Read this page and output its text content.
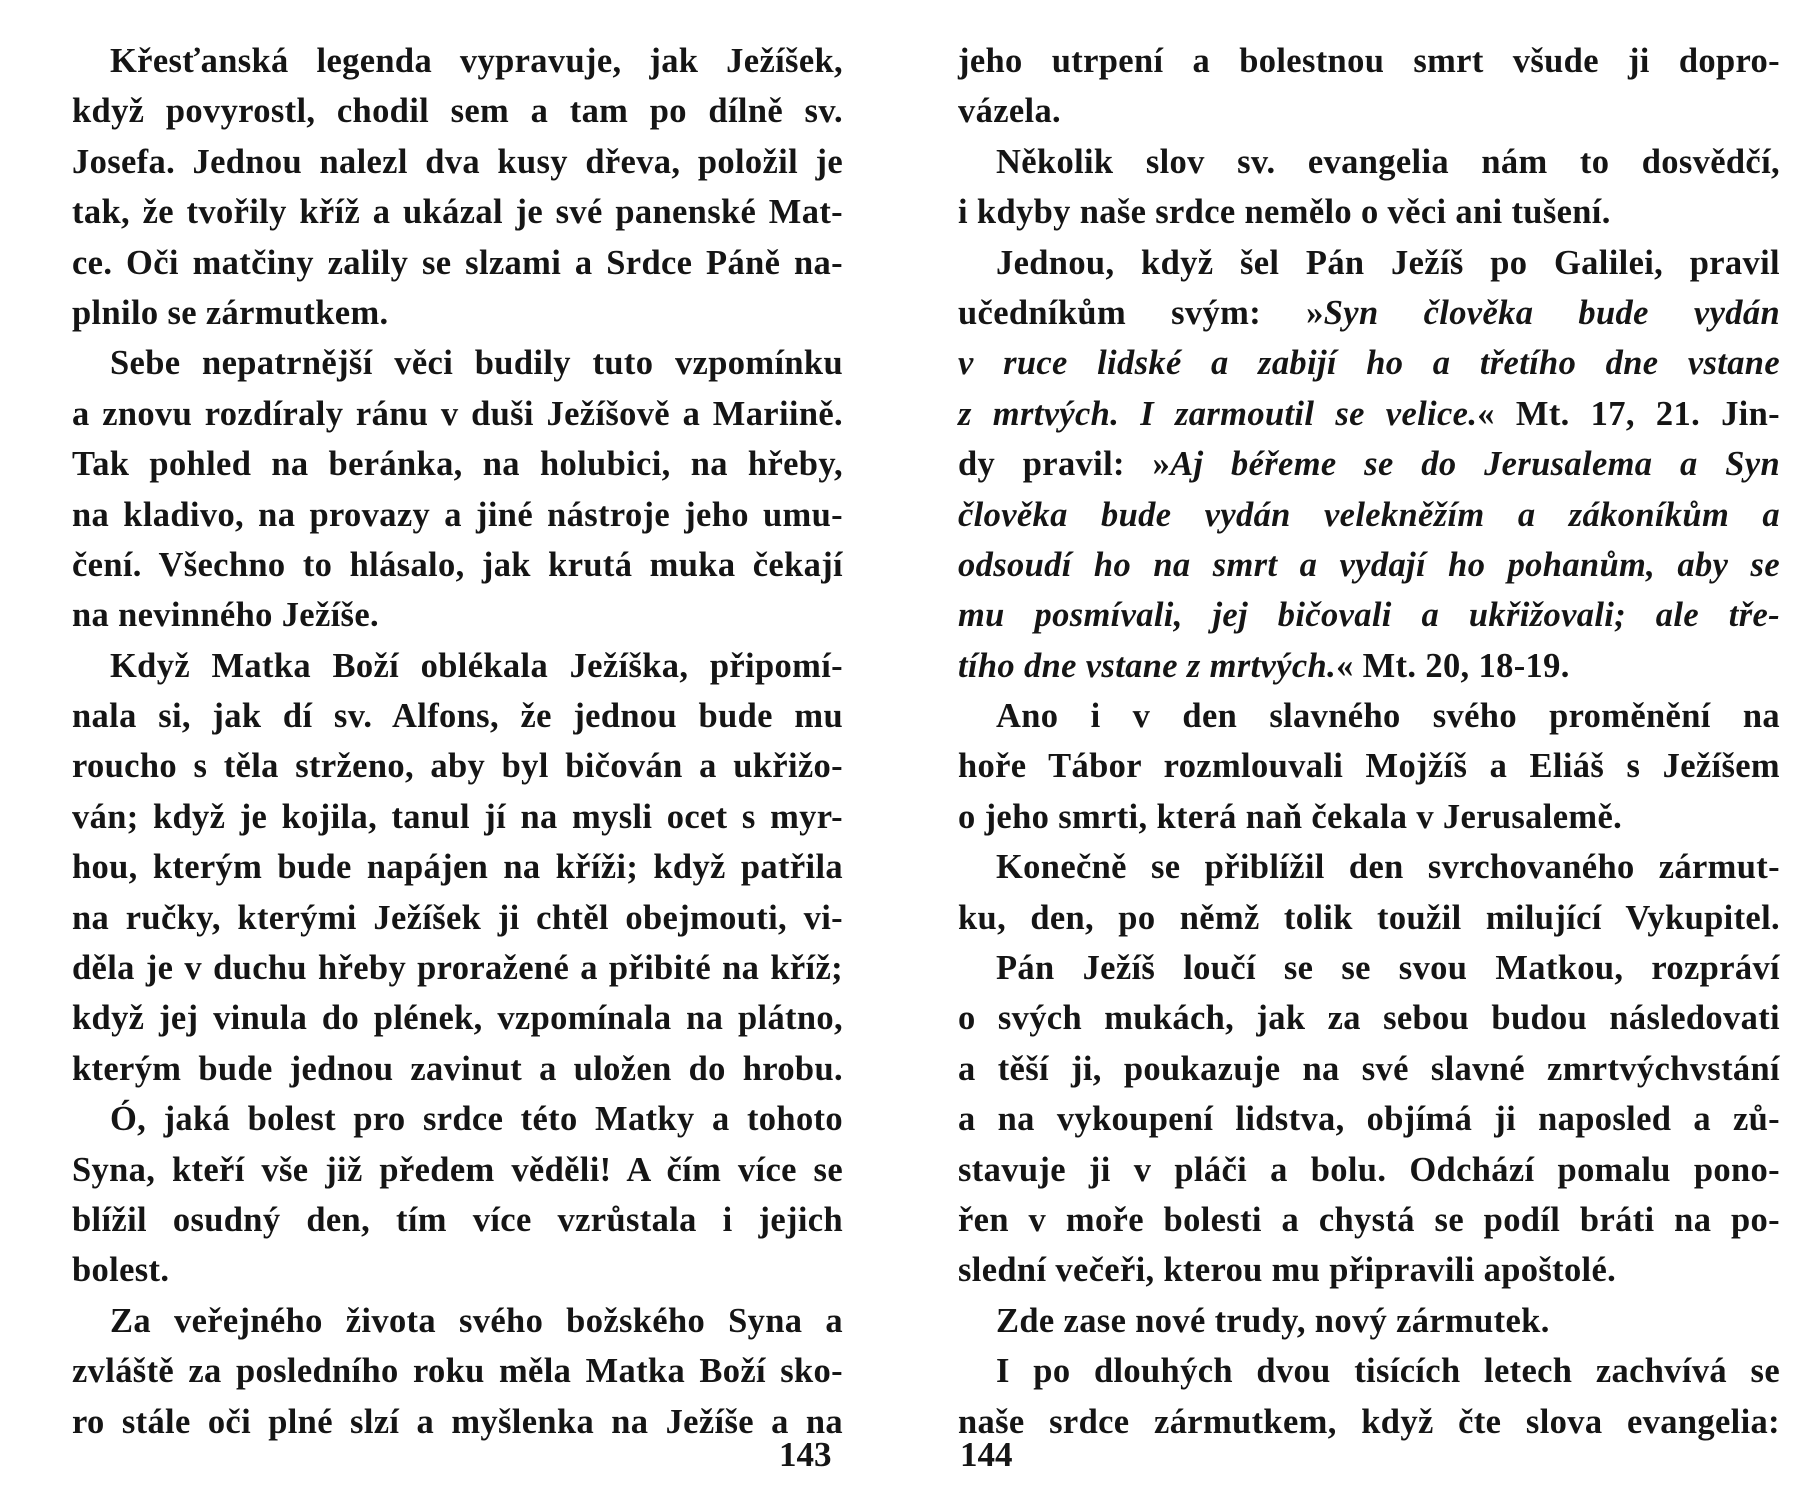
Křesťanská legenda vypravuje, jak Ježíšek,
když povyrostl, chodil sem a tam po dílně sv.
Josefa. Jednou nalezl dva kusy dřeva, položil je
tak, že tvořily kříž a ukázal je své panenské Mat-
ce. Oči matčiny zalily se slzami a Srdce Páně na-
plnilo se zármutkem.
Sebe nepatrnější věci budily tuto vzpomínku
a znovu rozdíraly ránu v duši Ježíšově a Mariině.
Tak pohled na beránka, na holubici, na hřeby,
na kladivo, na provazy a jiné nástroje jeho umu-
čení. Všechno to hlásalo, jak krutá muka čekají
na nevinného Ježíše.
Když Matka Boží oblékala Ježíška, připomí-
nala si, jak dí sv. Alfons, že jednou bude mu
roucho s těla strženo, aby byl bičován a ukřižo-
ván; když je kojila, tanul jí na mysli ocet s myr-
hou, kterým bude napájen na kříži; když patřila
na ručky, kterými Ježíšek ji chtěl obejmouti, vi-
děla je v duchu hřeby proražené a přibité na kříž;
když jej vinula do plének, vzpomínala na plátno,
kterým bude jednou zavinut a uložen do hrobu.
Ó, jaká bolest pro srdce této Matky a tohoto
Syna, kteří vše již předem věděli! A čím více se
blížil osudný den, tím více vzrůstala i jejich
bolest.
Za veřejného života svého božského Syna a
zvláště za posledního roku měla Matka Boží sko-
ro stále oči plné slzí a myšlenka na Ježíše a na
jeho utrpení a bolestnou smrt všude ji dopro-
vázela.
Několik slov sv. evangelia nám to dosvědčí,
i kdyby naše srdce nemělo o věci ani tušení.
Jednou, když šel Pán Ježíš po Galilei, pravil
učedníkům svým: »Syn člověka bude vydán
v ruce lidské a zabijí ho a třetího dne vstane
z mrtvých. I zarmoutil se velice.« Mt. 17, 21. Jin-
dy pravil: »Aj béřeme se do Jerusalema a Syn
člověka bude vydán velekněžím a zákoníkům a
odsoudí ho na smrt a vydají ho pohanům, aby se
mu posmívali, jej bičovali a ukřižovali; ale tře-
tího dne vstane z mrtvých.« Mt. 20, 18-19.
Ano i v den slavného svého proměnění na
hoře Tábor rozmlouvali Mojžíš a Eliáš s Ježíšem
o jeho smrti, která naň čekala v Jerusalemě.
Konečně se přiblížil den svrchovaného zármut-
ku, den, po němž tolik toužil milující Vykupitel.
Pán Ježíš loučí se se svou Matkou, rozpráví
o svých mukách, jak za sebou budou následovati
a těší ji, poukazuje na své slavné zmrtvýchvstání
a na vykoupení lidstva, objímá ji naposled a zů-
stavuje ji v pláči a bolu. Odchází pomalu pono-
řen v moře bolesti a chystá se podíl bráti na po-
slední večeři, kterou mu připravili apoštolé.
Zde zase nové trudy, nový zármutek.
I po dlouhých dvou tisících letech zachvívá se
naše srdce zármutkem, když čte slova evangelia:
143	144
